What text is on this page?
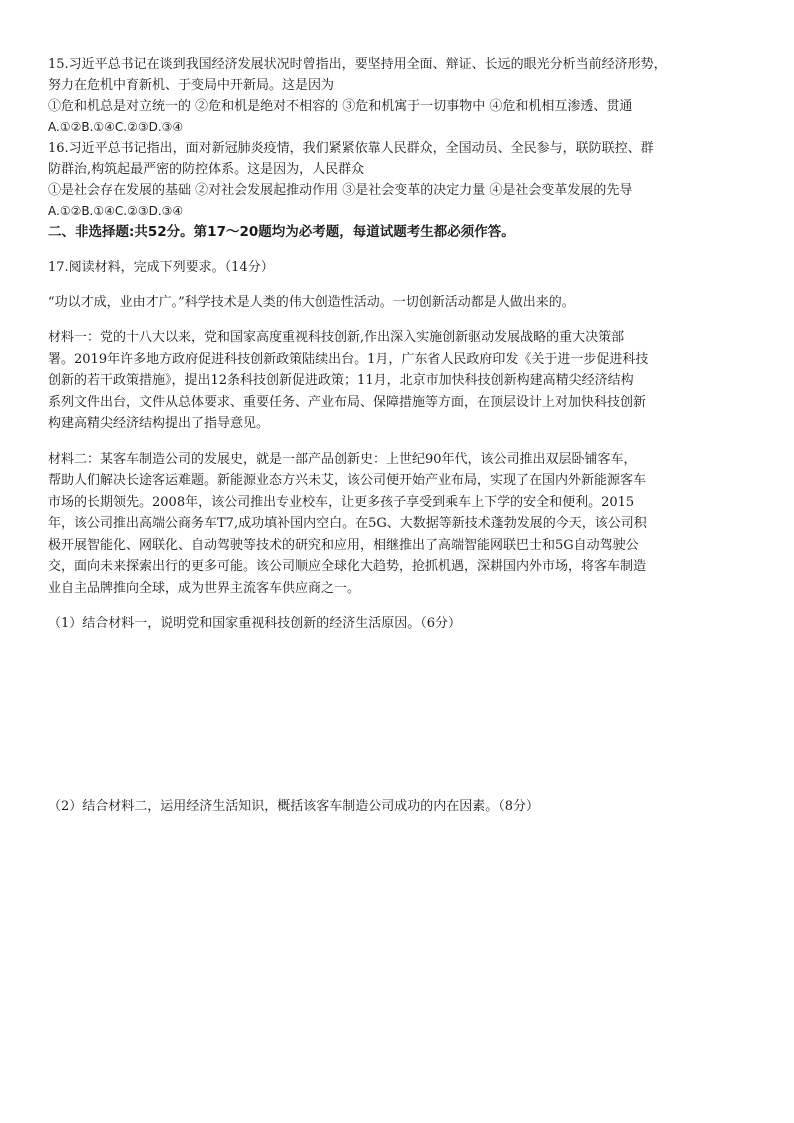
15.习近平总书记在谈到我国经济发展状况时曾指出，要坚持用全面、辩证、长远的眼光分析当前经济形势，
努力在危机中育新机、于变局中开新局。这是因为
①危和机总是对立统一的 ②危和机是绝对不相容的 ③危和机寓于一切事物中 ④危和机相互渗透、贯通
A.①②B.①④C.②③D.③④
16.习近平总书记指出，面对新冠肺炎疫情，我们紧紧依靠人民群众，全国动员、全民参与，联防联控、群
防群治,构筑起最严密的防控体系。这是因为，人民群众
①是社会存在发展的基础 ②对社会发展起推动作用 ③是社会变革的决定力量 ④是社会变革发展的先导
A.①②B.①④C.②③D.③④
二、非选择题:共52分。第17～20题均为必考题，每道试题考生都必须作答。
17.阅读材料，完成下列要求。（14分）
“功以才成，业由才广。”科学技术是人类的伟大创造性活动。一切创新活动都是人做出来的。
材料一：党的十八大以来，党和国家高度重视科技创新,作出深入实施创新驱动发展战略的重大决策部
署。2019年许多地方政府促进科技创新政策陆续出台。1月，广东省人民政府印发《关于进一步促进科技
创新的若干政策措施》，提出12条科技创新促进政策；11月，北京市加快科技创新构建高精尖经济结构
系列文件出台，文件从总体要求、重要任务、产业布局、保障措施等方面，在顶层设计上对加快科技创新
构建高精尖经济结构提出了指导意见。
材料二：某客车制造公司的发展史，就是一部产品创新史：上世纪90年代，该公司推出双层卧铺客车，
帮助人们解决长途客运难题。新能源业态方兴未艾，该公司便开始产业布局，实现了在国内外新能源客车
市场的长期领先。2008年，该公司推出专业校车，让更多孩子享受到乘车上下学的安全和便利。2015
年，该公司推出高端公商务车T7,成功填补国内空白。在5G、大数据等新技术蓬勃发展的今天，该公司积
极开展智能化、网联化、自动驾驶等技术的研究和应用，相继推出了高端智能网联巴士和5G自动驾驶公
交，面向未来探索出行的更多可能。该公司顺应全球化大趋势，抢抓机遇，深耕国内外市场，将客车制造
业自主品牌推向全球，成为世界主流客车供应商之一。
（1）结合材料一，说明党和国家重视科技创新的经济生活原因。（6分）
（2）结合材料二，运用经济生活知识，概括该客车制造公司成功的内在因素。（8分）
